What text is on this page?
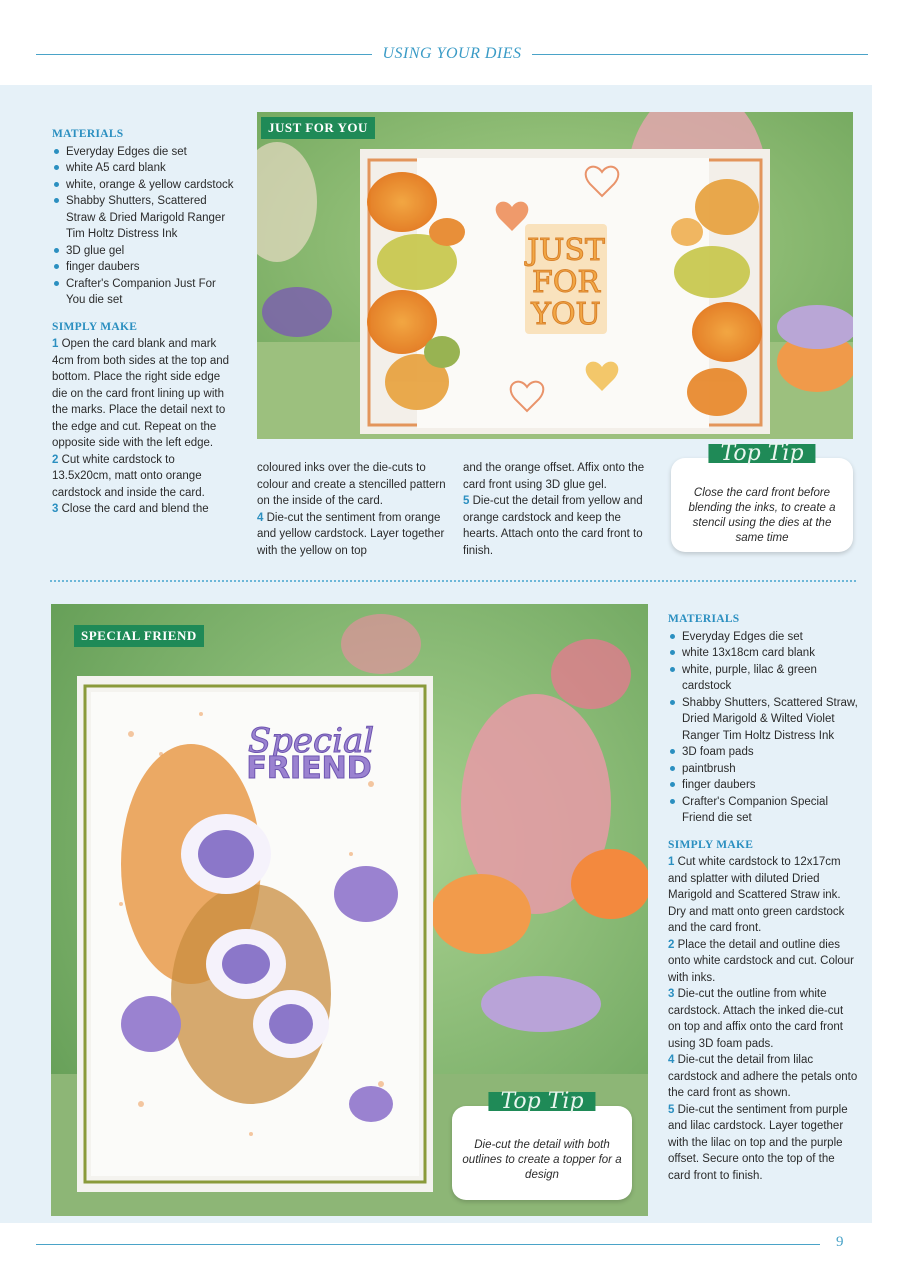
USING YOUR DIES
MATERIALS
Everyday Edges die set
white A5 card blank
white, orange & yellow cardstock
Shabby Shutters, Scattered Straw & Dried Marigold Ranger Tim Holtz Distress Ink
3D glue gel
finger daubers
Crafter's Companion Just For You die set
SIMPLY MAKE
1 Open the card blank and mark 4cm from both sides at the top and bottom. Place the right side edge die on the card front lining up with the marks. Place the detail next to the edge and cut. Repeat on the opposite side with the left edge.
2 Cut white cardstock to 13.5x20cm, matt onto orange cardstock and inside the card.
3 Close the card and blend the
JUST
FOR
YOU
JUST FOR YOU
coloured inks over the die-cuts to colour and create a stencilled pattern on the inside of the card.
4 Die-cut the sentiment from orange and yellow cardstock. Layer together with the yellow on top
and the orange offset. Affix onto the card front using 3D glue gel.
5 Die-cut the detail from yellow and orange cardstock and keep the hearts. Attach onto the card front to finish.
Top Tip
Close the card front before blending the inks, to create a stencil using the dies at the same time
Special
FRIEND
SPECIAL FRIEND
Top Tip
Die-cut the detail with both outlines to create a topper for a design
MATERIALS
Everyday Edges die set
white 13x18cm card blank
white, purple, lilac & green cardstock
Shabby Shutters, Scattered Straw, Dried Marigold & Wilted Violet Ranger Tim Holtz Distress Ink
3D foam pads
paintbrush
finger daubers
Crafter's Companion Special Friend die set
SIMPLY MAKE
1 Cut white cardstock to 12x17cm and splatter with diluted Dried Marigold and Scattered Straw ink. Dry and matt onto green cardstock and the card front.
2 Place the detail and outline dies onto white cardstock and cut. Colour with inks.
3 Die-cut the outline from white cardstock. Attach the inked die-cut on top and affix onto the card front using 3D foam pads.
4 Die-cut the detail from lilac cardstock and adhere the petals onto the card front as shown.
5 Die-cut the sentiment from purple and lilac cardstock. Layer together with the lilac on top and the purple offset. Secure onto the top of the card front to finish.
9
